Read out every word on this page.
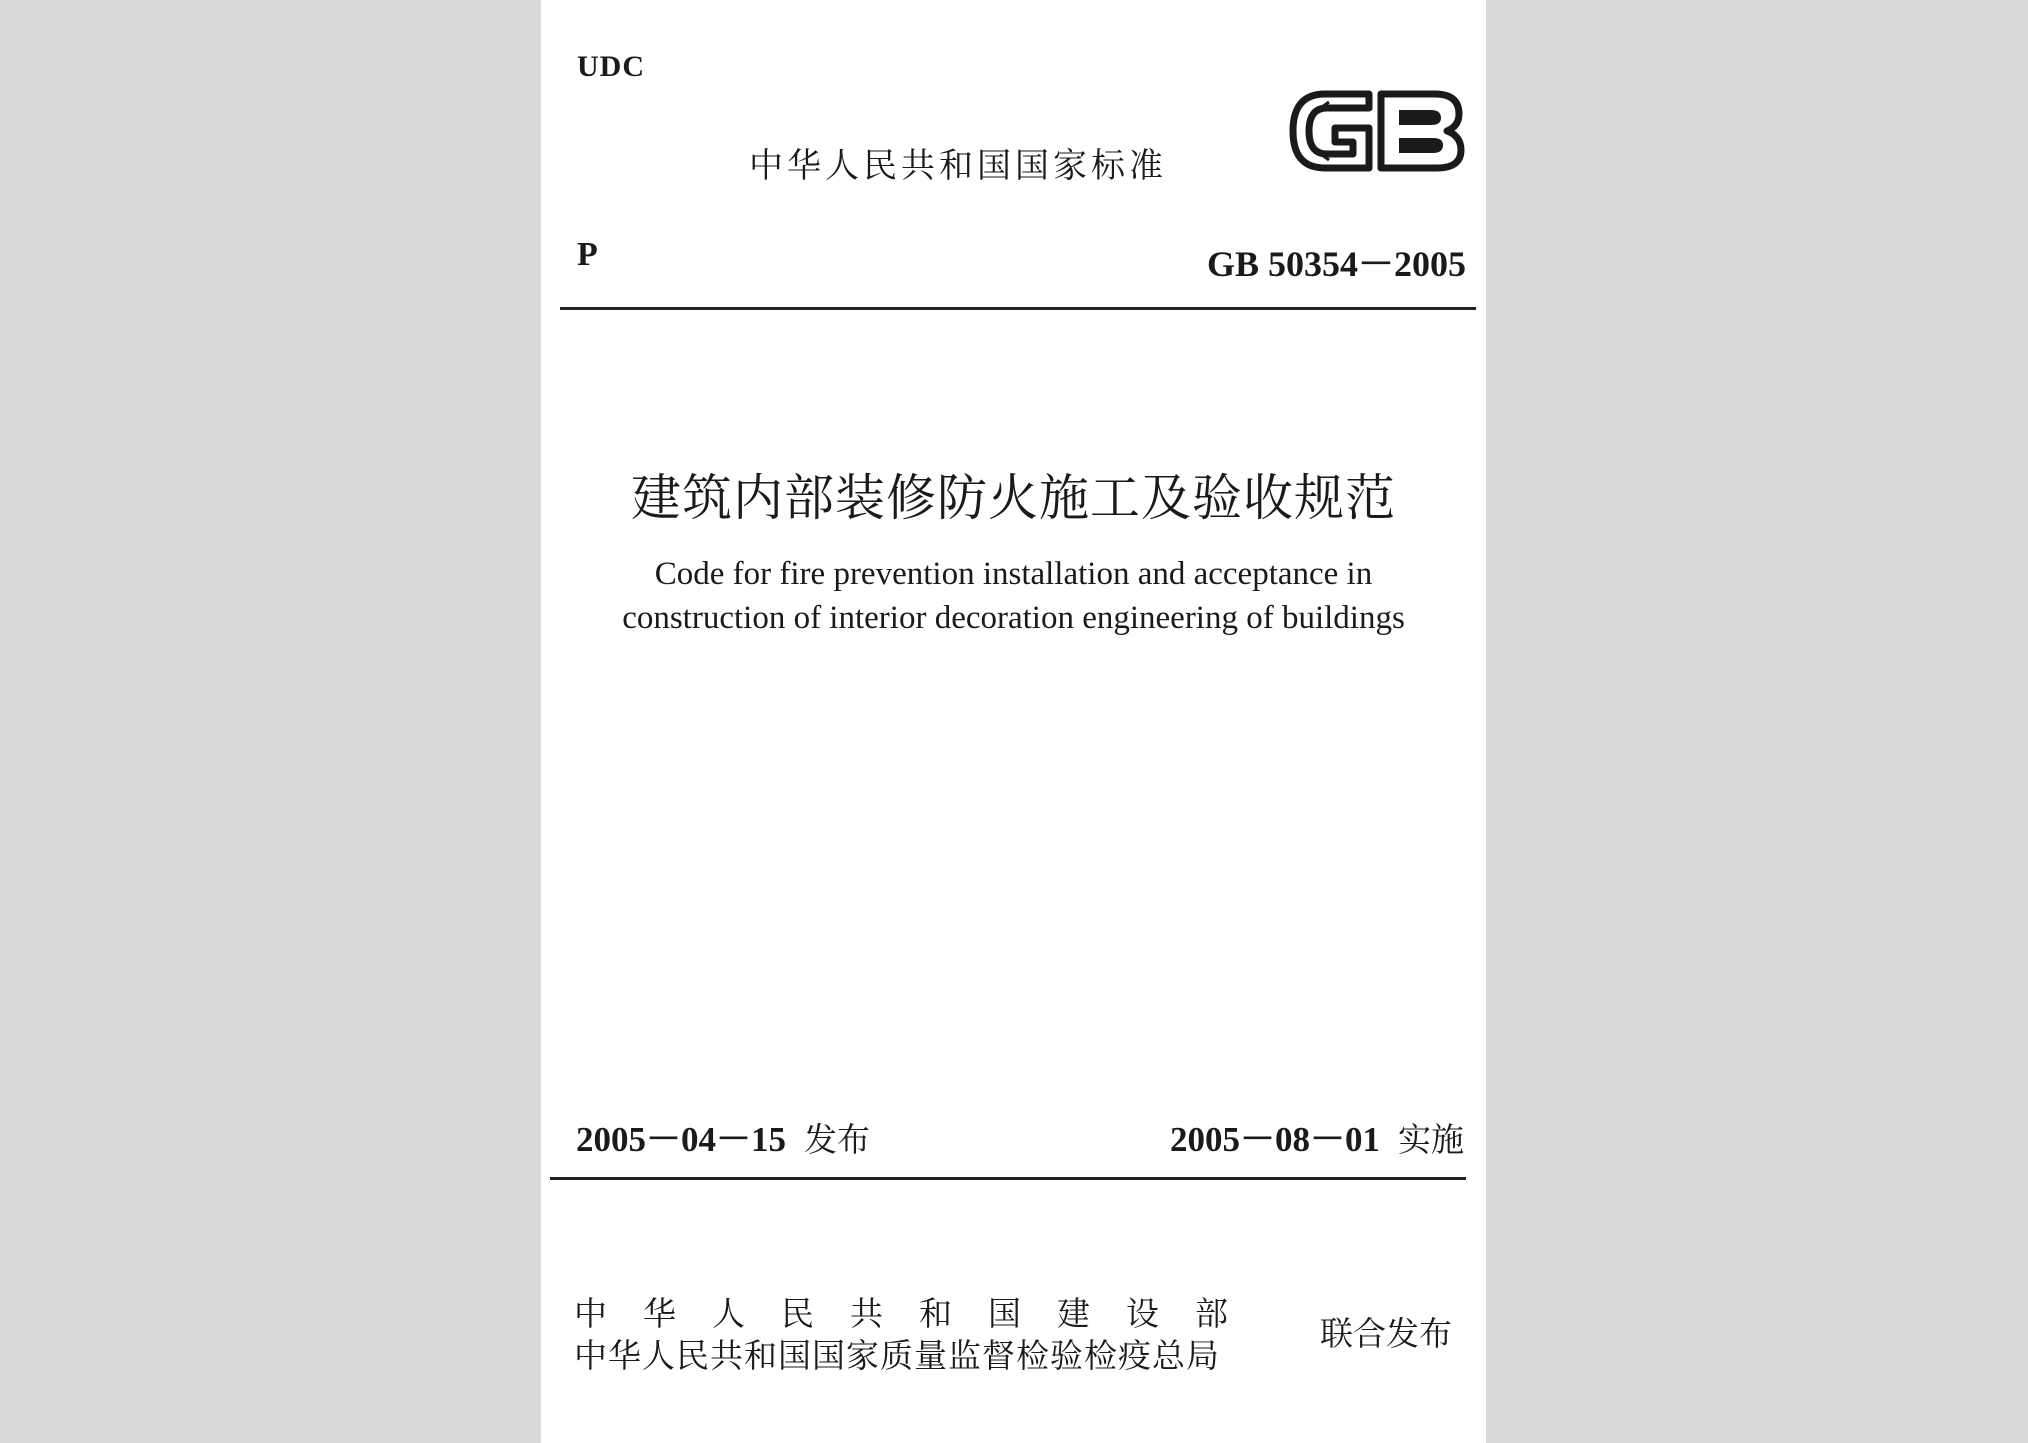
UDC
中华人民共和国国家标准
P	GB 50354－2005
建筑内部装修防火施工及验收规范
Code for fire prevention installation and acceptance in
construction of interior decoration engineering of buildings
2005－04－15 发布	2005－08－01 实施
中华人民共和国建设部
中华人民共和国国家质量监督检验检疫总局
联合发布
